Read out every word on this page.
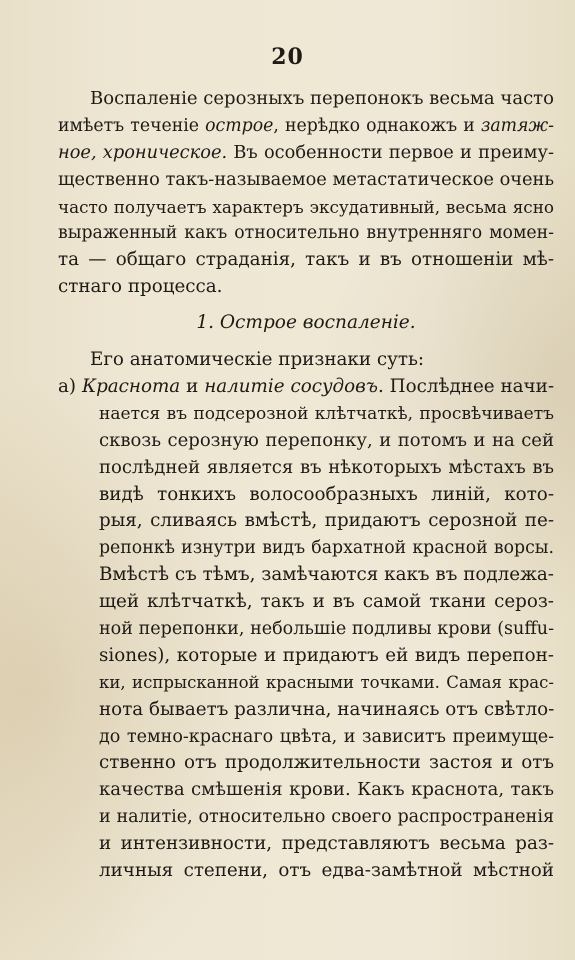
20
Воспаленіе серозныхъ перепонокъ весьма часто
имѣетъ теченіе острое, нерѣдко однакожъ и затяж-
ное, хроническое. Въ особенности первое и преиму-
щественно такъ-называемое метастатическое очень
часто получаетъ характеръ эксудативный, весьма ясно
выраженный какъ относительно внутренняго момен-
та — общаго страданія, такъ и въ отношеніи мѣ-
стнаго процесса.
1. Острое воспаленіе.
Его анатомическіе признаки суть:
а) Краснота и налитіе сосудовъ. Послѣднее начи-
нается въ подсерозной клѣтчаткѣ, просвѣчиваетъ
сквозь серозную перепонку, и потомъ и на сей
послѣдней является въ нѣкоторыхъ мѣстахъ въ
видѣ тонкихъ волосообразныхъ линій, кото-
рыя, сливаясь вмѣстѣ, придаютъ серозной пе-
репонкѣ изнутри видъ бархатной красной ворсы.
Вмѣстѣ съ тѣмъ, замѣчаются какъ въ подлежа-
щей клѣтчаткѣ, такъ и въ самой ткани сероз-
ной перепонки, небольшіе подливы крови (suffu-
siones), которые и придаютъ ей видъ перепон-
ки, испрысканной красными точками. Самая крас-
нота бываетъ различна, начинаясь отъ свѣтло-
до темно-краснаго цвѣта, и зависитъ преимуще-
ственно отъ продолжительности застоя и отъ
качества смѣшенія крови. Какъ краснота, такъ
и налитіе, относительно своего распространенія
и интензивности, представляютъ весьма раз-
личныя степени, отъ едва-замѣтной мѣстной
